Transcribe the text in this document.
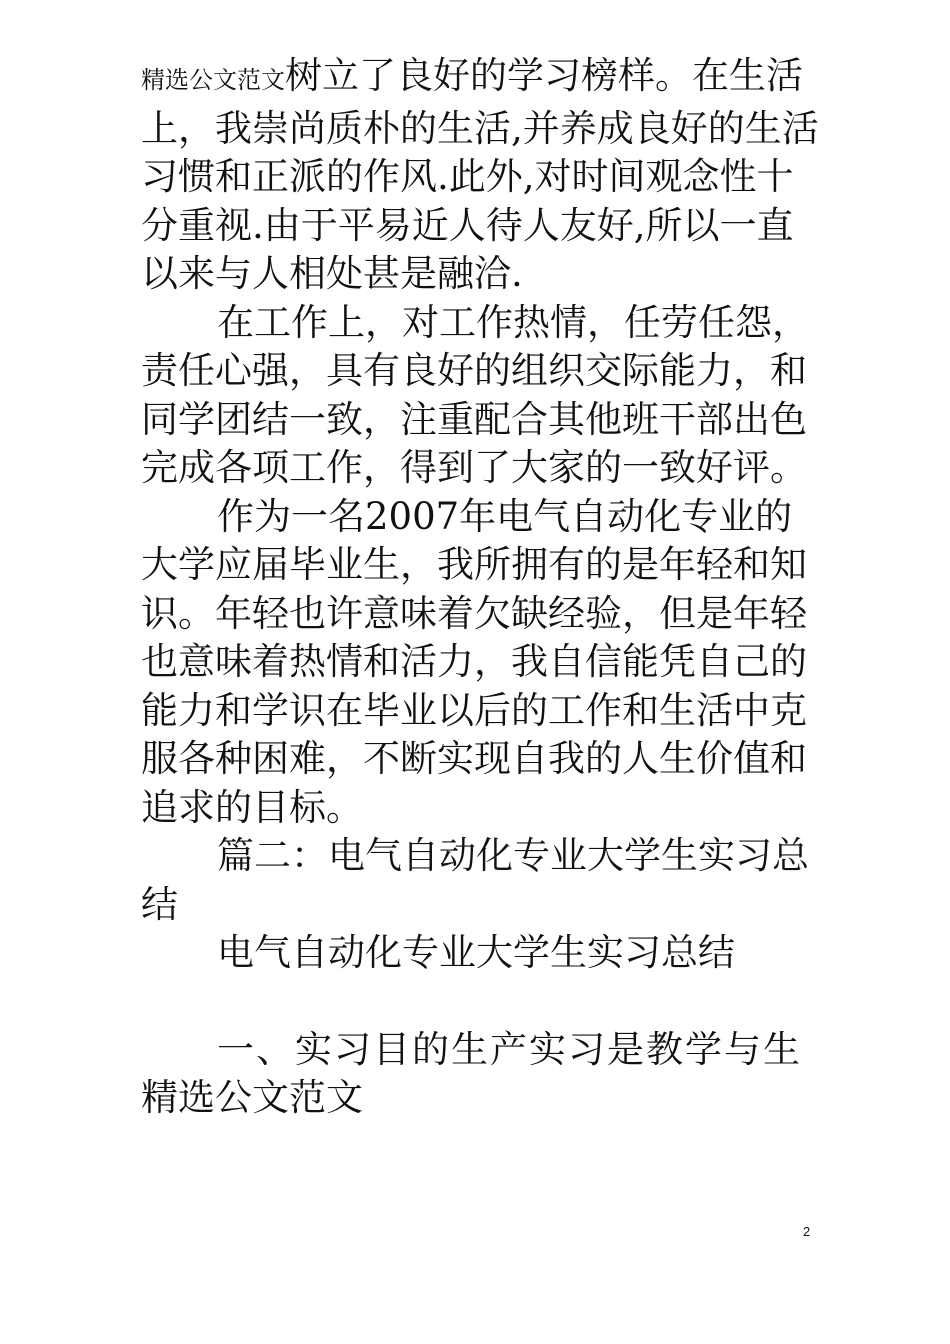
精选公文范文树立了良好的学习榜样。在生活上，我崇尚质朴的生活,并养成良好的生活习惯和正派的作风.此外,对时间观念性十分重视.由于平易近人待人友好,所以一直以来与人相处甚是融洽.

在工作上，对工作热情，任劳任怨，责任心强，具有良好的组织交际能力，和同学团结一致，注重配合其他班干部出色完成各项工作，得到了大家的一致好评。

作为一名2007年电气自动化专业的大学应届毕业生，我所拥有的是年轻和知识。年轻也许意味着欠缺经验，但是年轻也意味着热情和活力，我自信能凭自己的能力和学识在毕业以后的工作和生活中克服各种困难，不断实现自我的人生价值和追求的目标。

篇二：电气自动化专业大学生实习总结

电气自动化专业大学生实习总结

一、实习目的生产实习是教学与生

精选公文范文

2
